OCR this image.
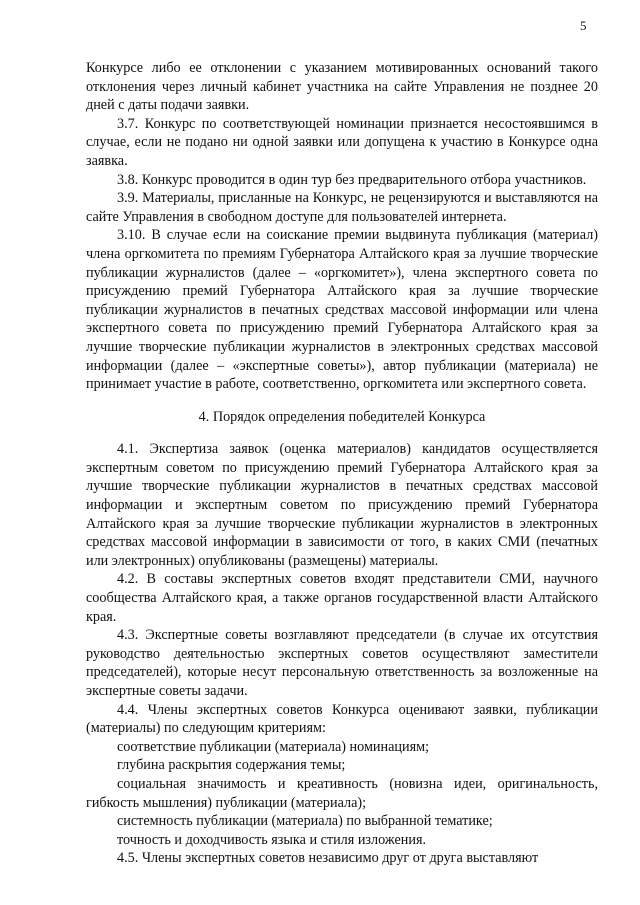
5

Конкурсе либо ее отклонении с указанием мотивированных оснований такого отклонения через личный кабинет участника на сайте Управления не позднее 20 дней с даты подачи заявки.

3.7. Конкурс по соответствующей номинации признается несостоявшимся в случае, если не подано ни одной заявки или допущена к участию в Конкурсе одна заявка.

3.8. Конкурс проводится в один тур без предварительного отбора участников.

3.9. Материалы, присланные на Конкурс, не рецензируются и выставляются на сайте Управления в свободном доступе для пользователей интернета.

3.10. В случае если на соискание премии выдвинута публикация (материал) члена оргкомитета по премиям Губернатора Алтайского края за лучшие творческие публикации журналистов (далее – «оргкомитет»), члена экспертного совета по присуждению премий Губернатора Алтайского края за лучшие творческие публикации журналистов в печатных средствах массовой информации или члена экспертного совета по присуждению премий Губернатора Алтайского края за лучшие творческие публикации журналистов в электронных средствах массовой информации (далее – «экспертные советы»), автор публикации (материала) не принимает участие в работе, соответственно, оргкомитета или экспертного совета.

4. Порядок определения победителей Конкурса

4.1. Экспертиза заявок (оценка материалов) кандидатов осуществляется экспертным советом по присуждению премий Губернатора Алтайского края за лучшие творческие публикации журналистов в печатных средствах массовой информации и экспертным советом по присуждению премий Губернатора Алтайского края за лучшие творческие публикации журналистов в электронных средствах массовой информации в зависимости от того, в каких СМИ (печатных или электронных) опубликованы (размещены) материалы.

4.2. В составы экспертных советов входят представители СМИ, научного сообщества Алтайского края, а также органов государственной власти Алтайского края.

4.3. Экспертные советы возглавляют председатели (в случае их отсутствия руководство деятельностью экспертных советов осуществляют заместители председателей), которые несут персональную ответственность за возложенные на экспертные советы задачи.

4.4. Члены экспертных советов Конкурса оценивают заявки, публикации (материалы) по следующим критериям:

соответствие публикации (материала) номинациям;

глубина раскрытия содержания темы;

социальная значимость и креативность (новизна идеи, оригинальность, гибкость мышления) публикации (материала);

системность публикации (материала) по выбранной тематике;

точность и доходчивость языка и стиля изложения.

4.5. Члены экспертных советов независимо друг от друга выставляют
